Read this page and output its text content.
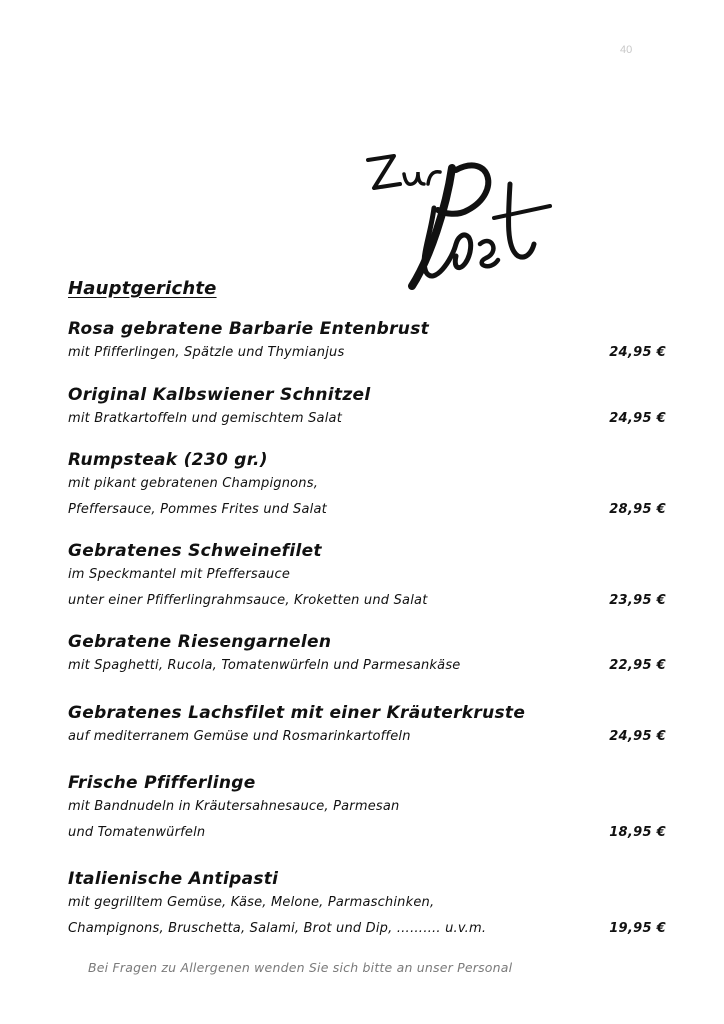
40
Hauptgerichte
Rosa gebratene Barbarie Entenbrust
mit Pfifferlingen, Spätzle und Thymianjus	24,95 €
Original Kalbswiener Schnitzel
mit Bratkartoffeln und gemischtem Salat	24,95 €
Rumpsteak (230 gr.)
mit pikant gebratenen Champignons,
Pfeffersauce, Pommes Frites und Salat	28,95 €
Gebratenes Schweinefilet
im Speckmantel mit Pfeffersauce
unter einer Pfifferlingrahmsauce, Kroketten und Salat	23,95 €
Gebratene Riesengarnelen
mit Spaghetti, Rucola, Tomatenwürfeln und Parmesankäse	22,95 €
Gebratenes Lachsfilet mit einer Kräuterkruste
auf mediterranem Gemüse und Rosmarinkartoffeln	24,95 €
Frische Pfifferlinge
mit Bandnudeln in Kräutersahnesauce, Parmesan
und Tomatenwürfeln	18,95 €
Italienische Antipasti
mit gegrilltem Gemüse, Käse, Melone, Parmaschinken,
Champignons, Bruschetta, Salami, Brot und Dip, ………. u.v.m.	19,95 €
Bei Fragen zu Allergenen wenden Sie sich bitte an unser Personal
